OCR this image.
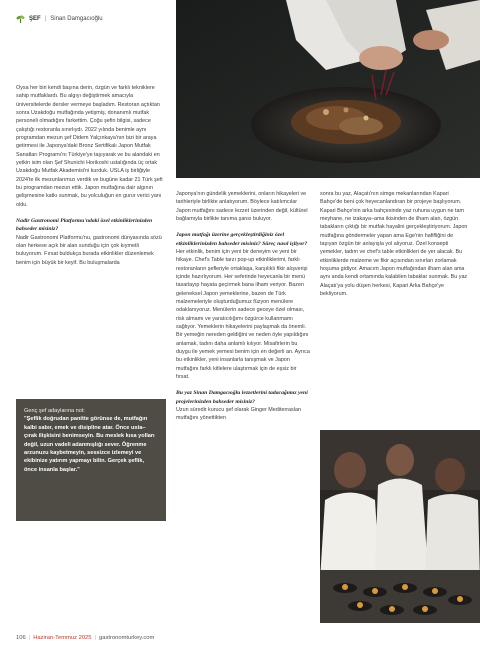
ŞEF | Sinan Damgacıoğlu

Oysa her biri kendi başına derin, özgün ve farklı tekniklere sahip mutfaklardı. Bu algıyı değiştirmek amacıyla üniversitelerde dersler vermeye başladım. Restoran açtıktan sonra Uzakdoğu mutfağında yetişmiş, donanımlı mutfak personeli olmadığını farkettim. Çoğu şefin bilgisi, sadece çalıştığı restoranla sınırlıydı. 2022 yılında benimle aynı programdan mezun şef Didem Yalçınkaya'nın bizi bir araya getirmesi ile Japonya'daki Bronz Sertifikalı Japon Mutfak Sanatları Programı'nı Türkiye'ye taşıyarak ve bu alandaki en yetkin isim olan Şef Shunichi Horikoshi ustalığında üç ortak Uzakdoğu Mutfak Akademisi'ni kurduk. USLA iş birliğiyle 2024'te ilk mezunlarımızı verdik ve bugüne kadar 21 Türk şefi bu programdan mezun ettik. Japon mutfağına dair algının gelişmesine katkı sunmak, bu yolculuğun en gurur verici yanı oldu.

Nadir Gastronomi Platformu'ndaki özel etkinliklerinizden bahseder misiniz?

Nadir Gastronomi Platformu'nu, gastronomi dünyasında sözü olan herkese açık bir alan sunduğu için çok kıymetli buluyorum. Fırsat buldukça burada etkinlikler düzenlemek benim için büyük bir keyif. Bu buluşmalarda

Genç şef adaylarına not:
"Şeflik doğrudan panitte görünse de, mutfağın kalbi sabır, emek ve disipline atar. Önce usta–çırak ilişkisini benimseyin. Bu meslek kısa yolları değil, uzun vadeli adanmışlığı sever. Öğrenme arzunuzu kaybetmeyin, sessizce izlemeyi ve ekibinize yatırım yapmayı bilin. Gerçek şeflik, önce insanla başlar."

Japonya'nın gündelik yemeklerini, onların hikayeleri ve tarihleriyle birlikte anlatıyorum. Böylece katılımcılar Japon mutfağını sadece lezzet üzerinden değil, kültürel bağlamıyla birlikte tanıma şansı buluyor.

Japon mutfağı üzerine gerçekleştirdiğiniz özel etkinliklerinizden bahseder misiniz? Süreç nasıl işliyor?

Her etkinlik, benim için yeni bir deneyim ve yeni bir hikaye. Chef's Table tarzı pop-up etkinliklerimi, farklı restoranların şefleriyle ortaklaşa, karşılıklı fikir alışverişi içinde hazırlıyorum. Her seferinde heyecanla bir menü tasarlayıp hayata geçirmek bana ilham veriyor. Bazen geleneksel Japon yemeklerine, bazen de Türk malzemeleriyle oluşturduğumuz füzyon menülere odaklanıyoruz. Menülerin sadece geceye özel olması, risk almamı ve yaratıcılığımı özgürce kullanmamı sağlıyor. Yemeklerin hikayelerini paylaşmak da önemli. Bir yemeğin nereden geldiğini ve neden öyle yapıldığını anlamak, tadını daha anlamlı kılıyor. Misafirlerin bu duygu ile yemek yemesi benim için en değerli an. Ayrıca bu etkinlikler, yeni insanlarla tanışmak ve Japon mutfağını farklı kitlelere ulaştırmak için de eşsiz bir fırsat.

Bu yaz Sinan Damgacıoğlu lezzetlerini tadacağımız yeni projelerinizden bahseder misiniz?

Uzun süredir kurucu şef olarak Ginger Mediterraslan mutfağını yönettikten

sonra bu yaz, Alaçatı'nın simge mekanlarından Kapari Bahçe'de beni çok heyecanlandıran bir projeye başlıyorum. Kapari Bahçe'nin arka bahçesinde yaz ruhuna uygun ne tam meyhane, ne izakaya–ama ikisinden de ilham alan, özgün tabakların çıktığı bir mutfak hayalini gerçekleştiriyorum. Japon mutfağına göndermeler yapan ama Ege'nin hafifliğini de taşıyan özgün bir anlayışla yol alıyoruz. Özel konsepti yemekler, tadım ve chef's table etkinlikleri de yer alacak. Bu etkinliklerde malzeme ve fikir açısından sınırları zorlamak hoşuma gidiyor. Amacım Japon mutfağından ilham alan ama aynı anda kendi ortamında kalabilen tabaklar sunmak. Bu yaz Alaçatı'ya yolu düşen herkesi, Kapari Arka Bahçe'ye bekliyorum.

106 | Haziran-Temmuz 2025 | gastronomturkey.com
